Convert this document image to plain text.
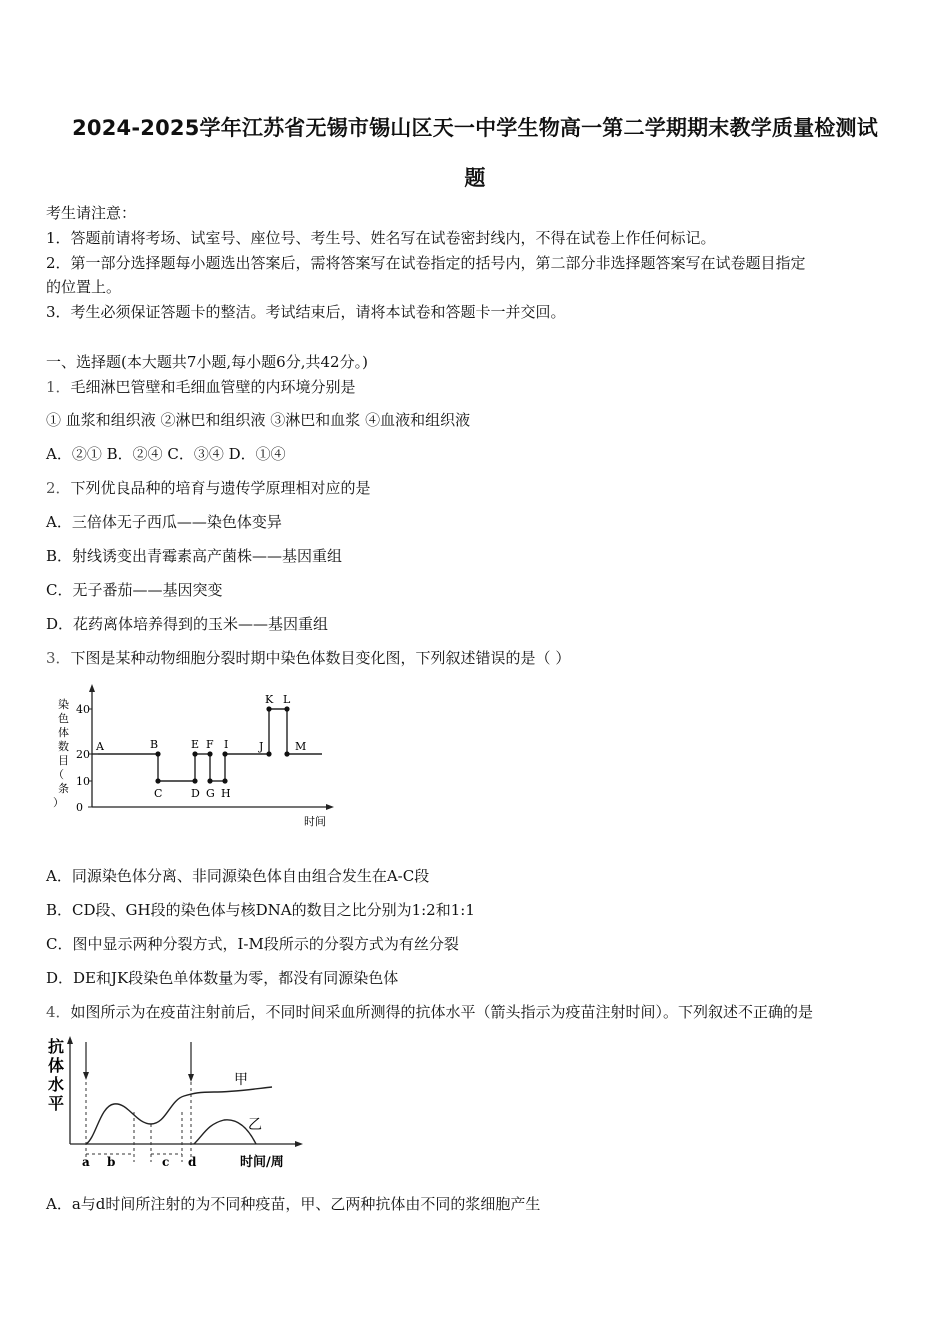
2024-2025学年江苏省无锡市锡山区天一中学生物高一第二学期期末教学质量检测试
题
考生请注意：
1．答题前请将考场、试室号、座位号、考生号、姓名写在试卷密封线内，不得在试卷上作任何标记。
2．第一部分选择题每小题选出答案后，需将答案写在试卷指定的括号内，第二部分非选择题答案写在试卷题目指定
的位置上。
3．考生必须保证答题卡的整洁。考试结束后，请将本试卷和答题卡一并交回。
一、选择题(本大题共7小题,每小题6分,共42分。)
1．毛细淋巴管壁和毛细血管壁的内环境分别是
① 血浆和组织液 ②淋巴和组织液 ③淋巴和血浆 ④血液和组织液
A．②① B．②④ C．③④ D．①④
2．下列优良品种的培育与遗传学原理相对应的是
A．三倍体无子西瓜——染色体变异
B．射线诱变出青霉素高产菌株——基因重组
C．无子番茄——基因突变
D．花药离体培养得到的玉米——基因重组
3．下图是某种动物细胞分裂时期中染色体数目变化图，下列叙述错误的是（ ）
染
色
体
数
目
（
条
） 0
10
20
40
A	B
C	D
E F
G H
I	J
K L
M
时间
A．同源染色体分离、非同源染色体自由组合发生在A-C段
B．CD段、GH段的染色体与核DNA的数目之比分别为1:2和1:1
C．图中显示两种分裂方式，I-M段所示的分裂方式为有丝分裂
D．DE和JK段染色单体数量为零，都没有同源染色体
4．如图所示为在疫苗注射前后，不同时间采血所测得的抗体水平（箭头指示为疫苗注射时间）。下列叙述不正确的是
抗
体
水
平
甲
乙
a b	c d	时间/周
A．a与d时间所注射的为不同种疫苗，甲、乙两种抗体由不同的浆细胞产生
